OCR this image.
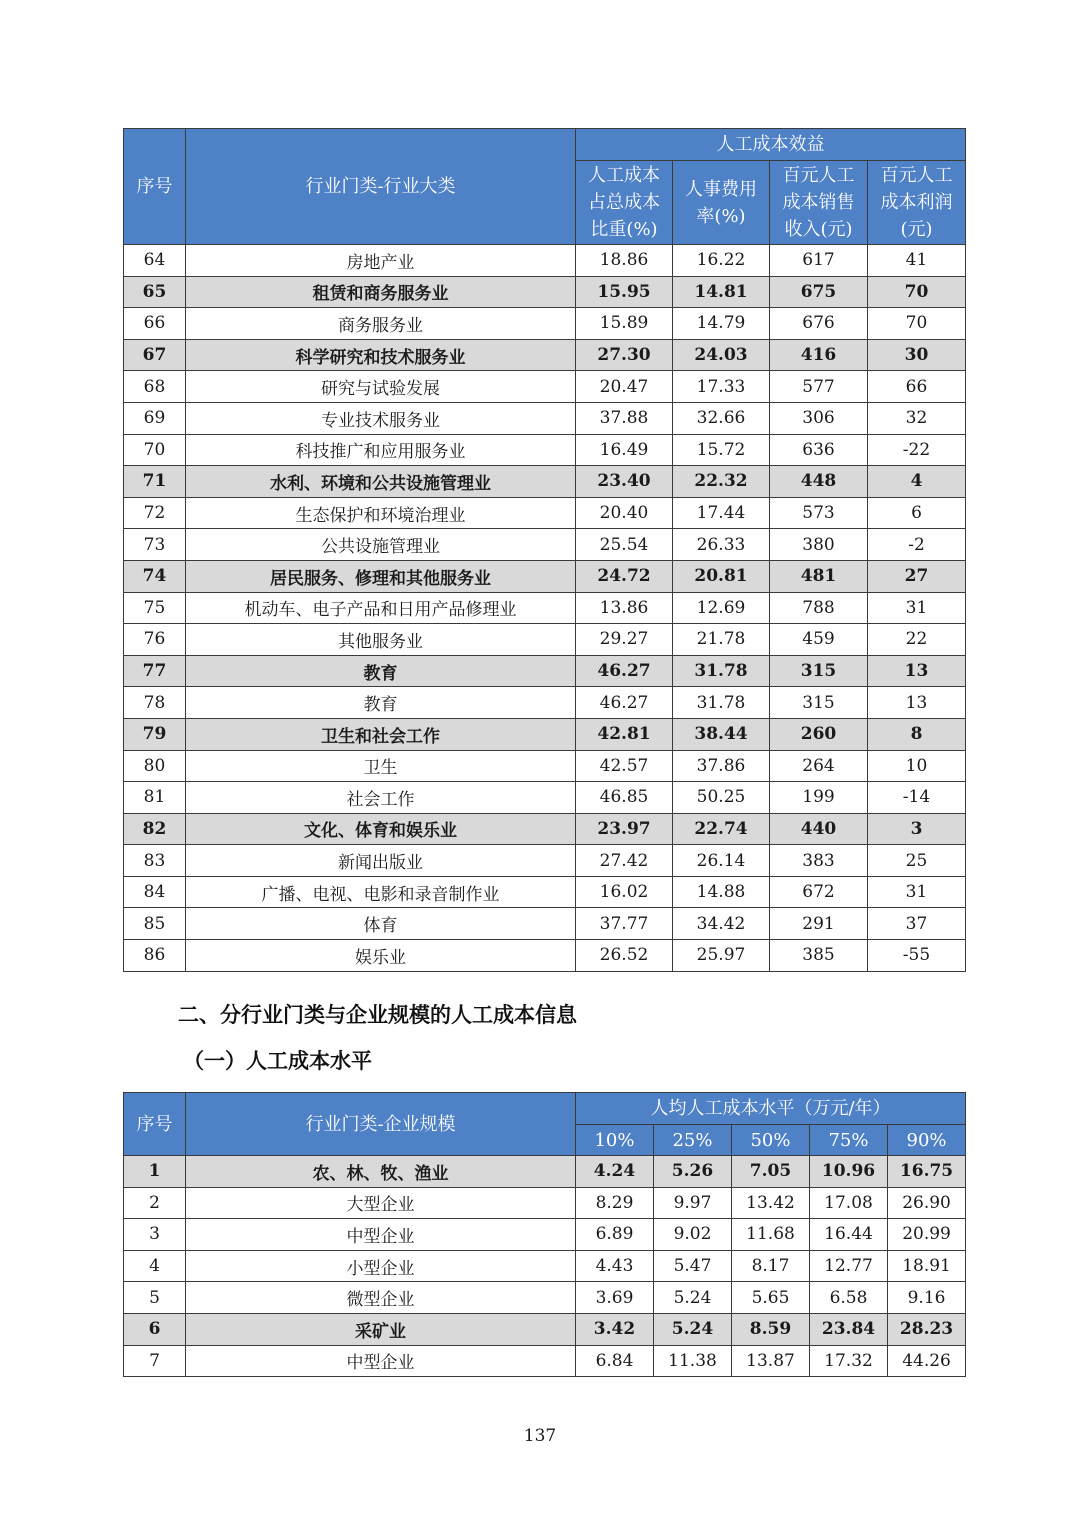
序号	行业门类-行业大类	人工成本效益			
		人工成本占总成本比重(%)	人事费用率(%)	百元人工成本销售收入(元)	百元人工成本利润(元)
64	房地产业	18.86	16.22	617	41
65	租赁和商务服务业	15.95	14.81	675	70
66	商务服务业	15.89	14.79	676	70
67	科学研究和技术服务业	27.30	24.03	416	30
68	研究与试验发展	20.47	17.33	577	66
69	专业技术服务业	37.88	32.66	306	32
70	科技推广和应用服务业	16.49	15.72	636	-22
71	水利、环境和公共设施管理业	23.40	22.32	448	4
72	生态保护和环境治理业	20.40	17.44	573	6
73	公共设施管理业	25.54	26.33	380	-2
74	居民服务、修理和其他服务业	24.72	20.81	481	27
75	机动车、电子产品和日用产品修理业	13.86	12.69	788	31
76	其他服务业	29.27	21.78	459	22
77	教育	46.27	31.78	315	13
78	教育	46.27	31.78	315	13
79	卫生和社会工作	42.81	38.44	260	8
80	卫生	42.57	37.86	264	10
81	社会工作	46.85	50.25	199	-14
82	文化、体育和娱乐业	23.97	22.74	440	3
83	新闻出版业	27.42	26.14	383	25
84	广播、电视、电影和录音制作业	16.02	14.88	672	31
85	体育	37.77	34.42	291	37
86	娱乐业	26.52	25.97	385	-55

二、分行业门类与企业规模的人工成本信息

（一）人工成本水平

序号	行业门类-企业规模	人均人工成本水平（万元/年）				
		10%	25%	50%	75%	90%
1	农、林、牧、渔业	4.24	5.26	7.05	10.96	16.75
2	大型企业	8.29	9.97	13.42	17.08	26.90
3	中型企业	6.89	9.02	11.68	16.44	20.99
4	小型企业	4.43	5.47	8.17	12.77	18.91
5	微型企业	3.69	5.24	5.65	6.58	9.16
6	采矿业	3.42	5.24	8.59	23.84	28.23
7	中型企业	6.84	11.38	13.87	17.32	44.26
137
